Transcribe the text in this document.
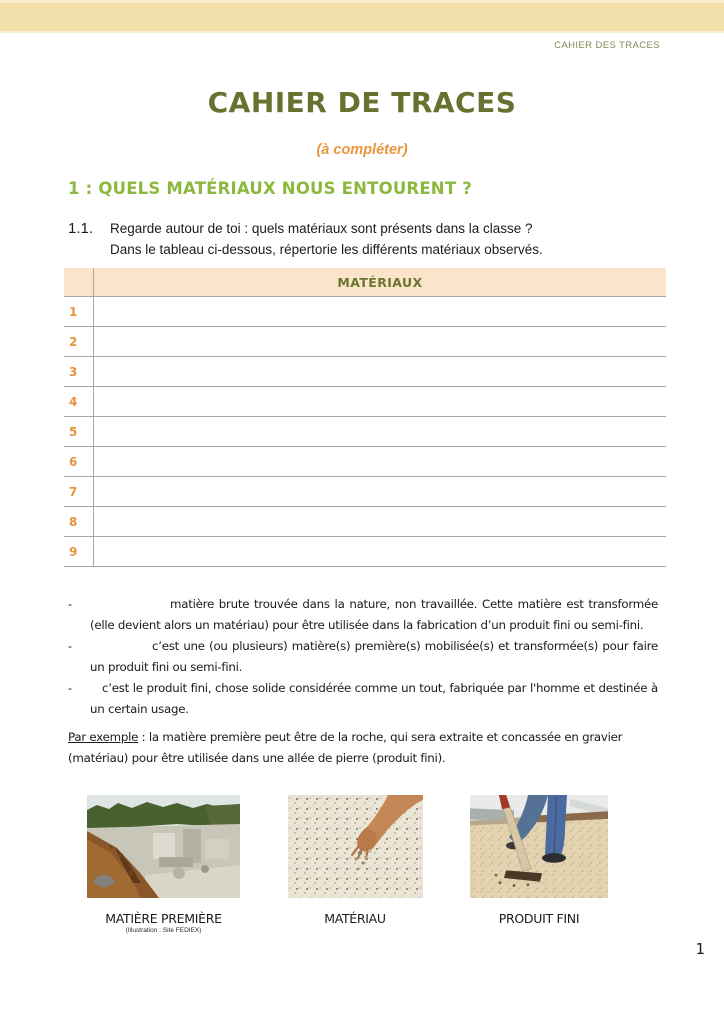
CAHIER DES TRACES
CAHIER DE TRACES
(à compléter)
1 : QUELS MATÉRIAUX NOUS ENTOURENT ?
1.1. Regarde autour de toi : quels matériaux sont présents dans la classe ?
Dans le tableau ci-dessous, répertorie les différents matériaux observés.
	MATÉRIAUX
1	
2	
3	
4	
5	
6	
7	
8	
9	
-	matière brute trouvée dans la nature, non travaillée. Cette matière est transformée (elle devient alors un matériau) pour être utilisée dans la fabrication d’un produit fini ou semi-fini.
-	c’est une (ou plusieurs) matière(s) première(s) mobilisée(s) et transformée(s) pour faire un produit fini ou semi-fini.
-	c’est le produit fini, chose solide considérée comme un tout, fabriquée par l'homme et destinée à un certain usage.

Par exemple : la matière première peut être de la roche, qui sera extraite et concassée en gravier (matériau) pour être utilisée dans une allée de pierre (produit fini).

MATIÈRE PREMIÈRE
(Illustration : Site FEDIEX)
MATÉRIAU	PRODUIT FINI
1
